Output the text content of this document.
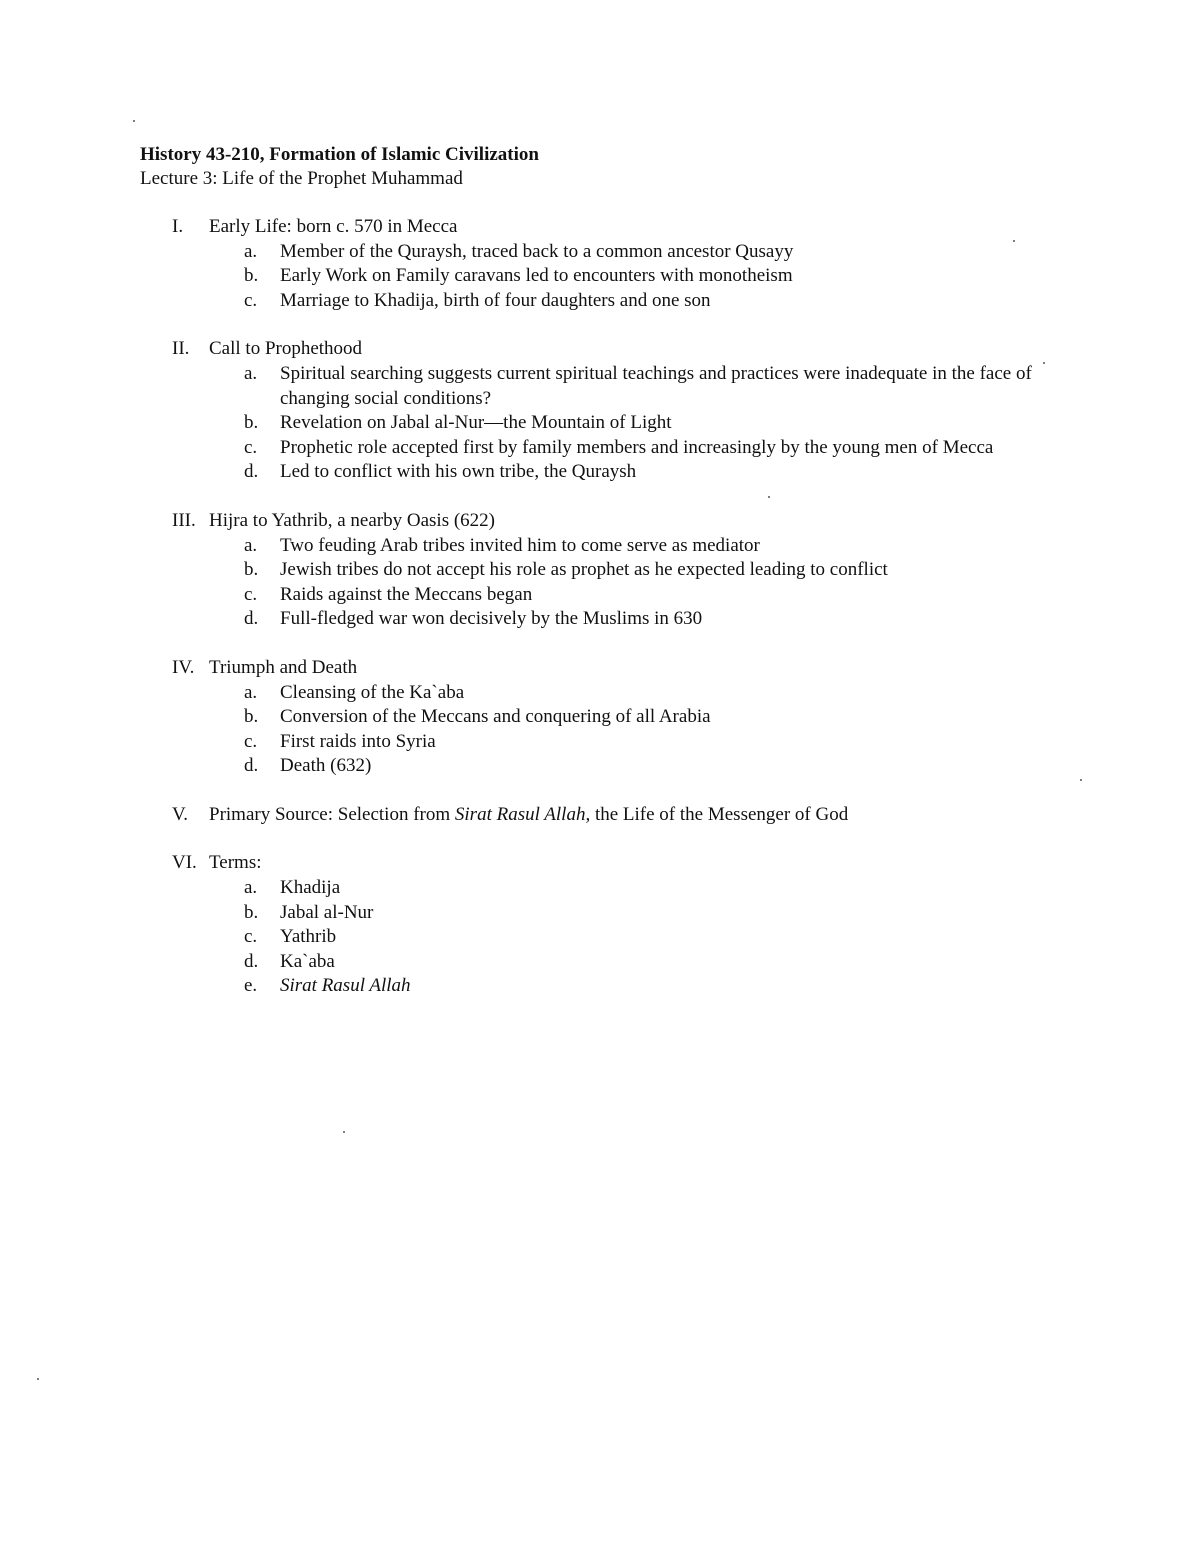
History 43-210, Formation of Islamic Civilization

Lecture 3: Life of the Prophet Muhammad

I.	Early Life: born c. 570 in Mecca
a.	Member of the Quraysh, traced back to a common ancestor Qusayy
b.	Early Work on Family caravans led to encounters with monotheism
c.	Marriage to Khadija, birth of four daughters and one son
II.	Call to Prophethood
a.	Spiritual searching suggests current spiritual teachings and practices were inadequate in the face of changing social conditions?
b.	Revelation on Jabal al-Nur—the Mountain of Light
c.	Prophetic role accepted first by family members and increasingly by the young men of Mecca
d.	Led to conflict with his own tribe, the Quraysh
III. Hijra to Yathrib, a nearby Oasis (622)
a.	Two feuding Arab tribes invited him to come serve as mediator
b.	Jewish tribes do not accept his role as prophet as he expected leading to conflict
c.	Raids against the Meccans began
d.	Full-fledged war won decisively by the Muslims in 630
IV. Triumph and Death
a.	Cleansing of the Ka`aba
b.	Conversion of the Meccans and conquering of all Arabia
c.	First raids into Syria
d.	Death (632)
V.	Primary Source: Selection from Sirat Rasul Allah, the Life of the Messenger of God
VI. Terms:
a.	Khadija
b.	Jabal al-Nur
c.	Yathrib
d.	Ka`aba
e.	Sirat Rasul Allah
